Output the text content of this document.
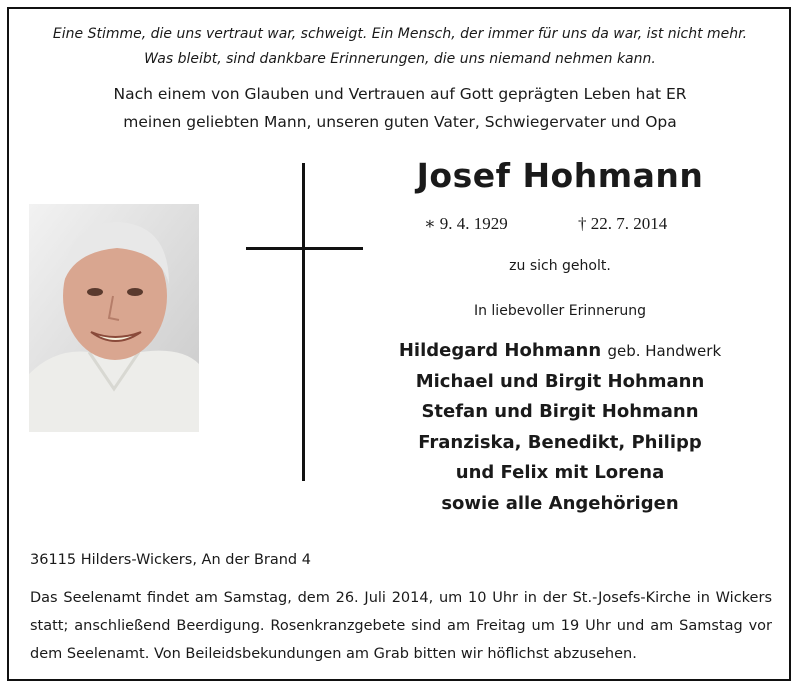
Eine Stimme, die uns vertraut war, schweigt. Ein Mensch, der immer für uns da war, ist nicht mehr.
Was bleibt, sind dankbare Erinnerungen, die uns niemand nehmen kann.
Nach einem von Glauben und Vertrauen auf Gott geprägten Leben hat ER
meinen geliebten Mann, unseren guten Vater, Schwiegervater und Opa
Josef Hohmann
∗ 9. 4. 1929	† 22. 7. 2014
zu sich geholt.
In liebevoller Erinnerung
Hildegard Hohmann geb. Handwerk
Michael und Birgit Hohmann
Stefan und Birgit Hohmann
Franziska, Benedikt, Philipp
und Felix mit Lorena
sowie alle Angehörigen
36115 Hilders-Wickers, An der Brand 4
Das Seelenamt findet am Samstag, dem 26. Juli 2014, um 10 Uhr in der St.-Josefs-Kirche in Wickers statt; anschließend Beerdigung. Rosenkranzgebete sind am Freitag um 19 Uhr und am Samstag vor dem Seelenamt. Von Beileidsbekundungen am Grab bitten wir höflichst abzusehen.
